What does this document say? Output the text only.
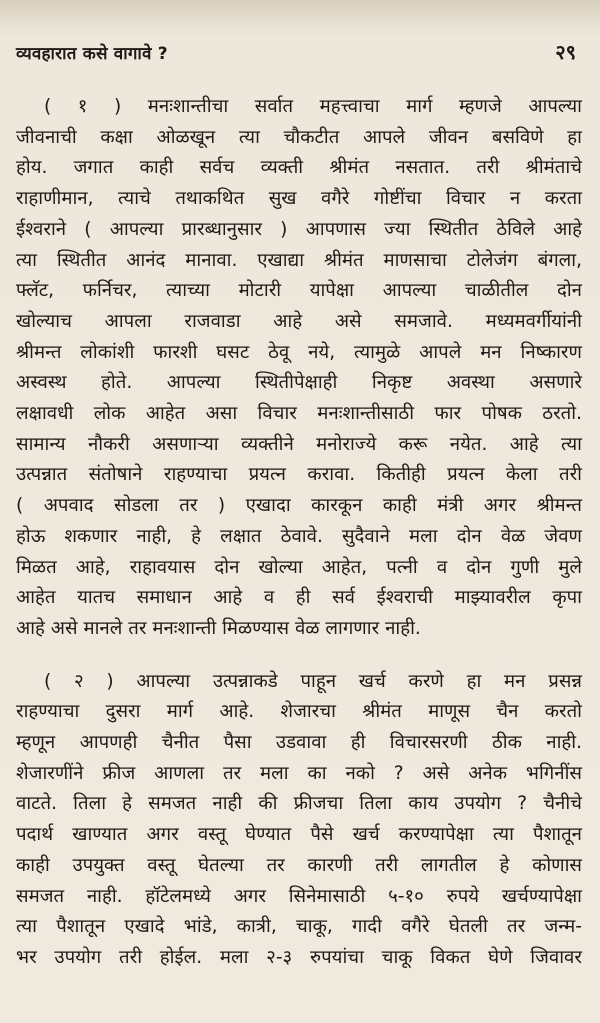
व्यवहारात कसे वागावे ?	२९

( १ ) मनःशान्तीचा सर्वात महत्त्वाचा मार्ग म्हणजे आपल्या

जीवनाची कक्षा ओळखून त्या चौकटीत आपले जीवन बसविणे हा

होय. जगात काही सर्वच व्यक्ती श्रीमंत नसतात. तरी श्रीमंताचे

राहाणीमान, त्याचे तथाकथित सुख वगैरे गोष्टींचा विचार न करता

ईश्वराने ( आपल्या प्रारब्धानुसार ) आपणास ज्या स्थितीत ठेविले आहे

त्या स्थितीत आनंद मानावा. एखाद्या श्रीमंत माणसाचा टोलेजंग बंगला,

फ्लॅट, फर्निचर, त्याच्या मोटारी यापेक्षा आपल्या चाळीतील दोन

खोल्याच आपला राजवाडा आहे असे समजावे. मध्यमवर्गीयांनी

श्रीमन्त लोकांशी फारशी घसट ठेवू नये, त्यामुळे आपले मन निष्कारण

अस्वस्थ होते. आपल्या स्थितीपेक्षाही निकृष्ट अवस्था असणारे

लक्षावधी लोक आहेत असा विचार मनःशान्तीसाठी फार पोषक ठरतो.

सामान्य नौकरी असणाऱ्या व्यक्तीने मनोराज्ये करू नयेत. आहे त्या

उत्पन्नात संतोषाने राहण्याचा प्रयत्न करावा. कितीही प्रयत्न केला तरी

( अपवाद सोडला तर ) एखादा कारकून काही मंत्री अगर श्रीमन्त

होऊ शकणार नाही, हे लक्षात ठेवावे. सुदैवाने मला दोन वेळ जेवण

मिळत आहे, राहावयास दोन खोल्या आहेत, पत्नी व दोन गुणी मुले

आहेत यातच समाधान आहे व ही सर्व ईश्वराची माझ्यावरील कृपा

आहे असे मानले तर मनःशान्ती मिळण्यास वेळ लागणार नाही.

( २ ) आपल्या उत्पन्नाकडे पाहून खर्च करणे हा मन प्रसन्न

राहण्याचा दुसरा मार्ग आहे. शेजारचा श्रीमंत माणूस चैन करतो

म्हणून आपणही चैनीत पैसा उडवावा ही विचारसरणी ठीक नाही.

शेजारणींने फ्रीज आणला तर मला का नको ? असे अनेक भगिनींस

वाटते. तिला हे समजत नाही की फ्रीजचा तिला काय उपयोग ? चैनीचे

पदार्थ खाण्यात अगर वस्तू घेण्यात पैसे खर्च करण्यापेक्षा त्या पैशातून

काही उपयुक्त वस्तू घेतल्या तर कारणी तरी लागतील हे कोणास

समजत नाही. हॉटेलमध्ये अगर सिनेमासाठी ५-१० रुपये खर्चण्यापेक्षा

त्या पैशातून एखादे भांडे, कात्री, चाकू, गादी वगैरे घेतली तर जन्म-

भर उपयोग तरी होईल. मला २-३ रुपयांचा चाकू विकत घेणे जिवावर
